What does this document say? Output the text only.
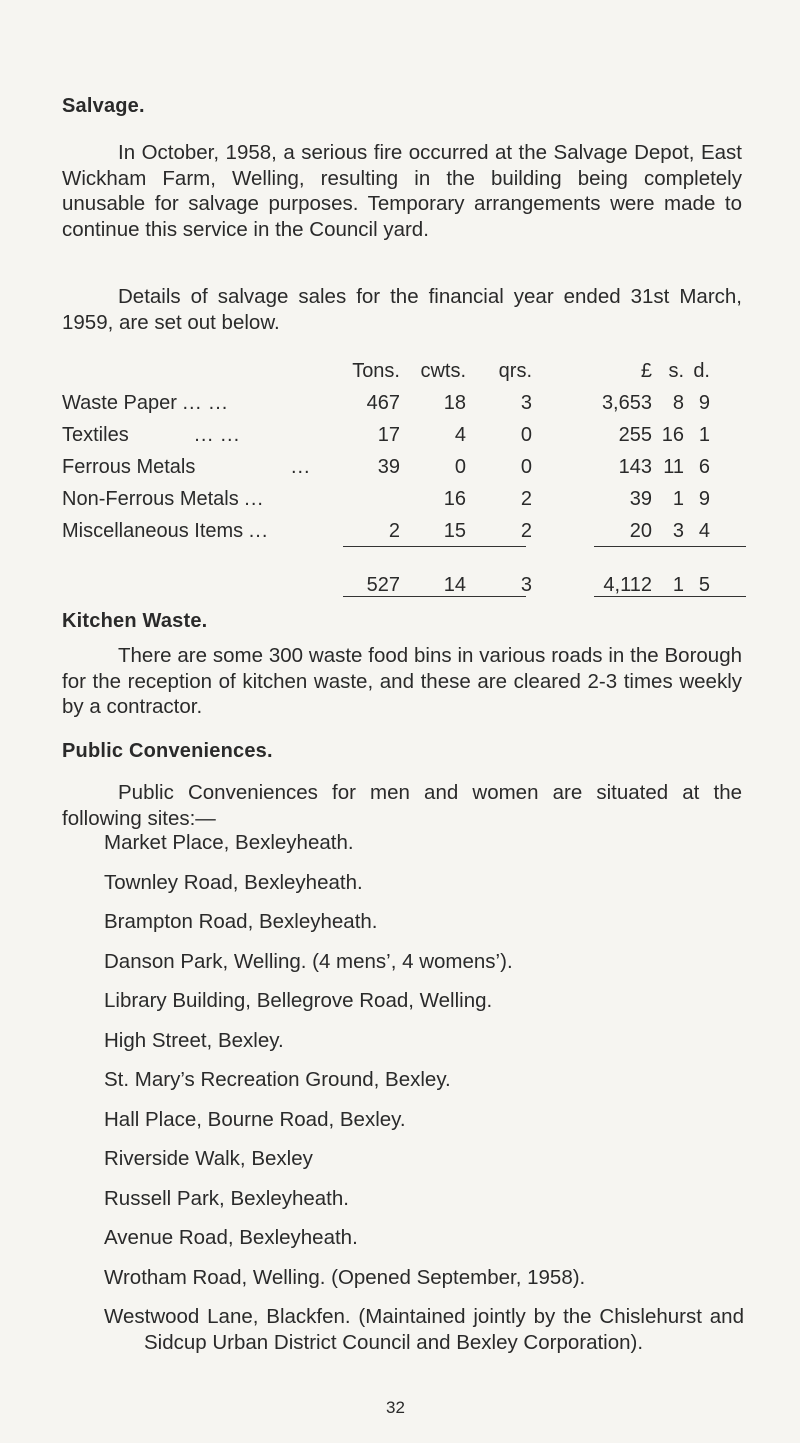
Salvage.

In October, 1958, a serious fire occurred at the Salvage Depot, East Wickham Farm, Welling, resulting in the building being completely unusable for salvage purposes. Temporary arrangements were made to continue this service in the Council yard.

Details of salvage sales for the financial year ended 31st March, 1959, are set out below.

	Tons.	cwts.	qrs.		£	s.	d.
Waste Paper ... ...	467	18	3		3,653	8	9
Textiles ... ...	17	4	0		255	16	1
Ferrous Metals ...	39	0	0		143	11	6
Non-Ferrous Metals ...		16	2		39	1	9
Miscellaneous Items ...	2	15	2		20	3	4

	527	14	3		4,112	1	5
Kitchen Waste.

There are some 300 waste food bins in various roads in the Borough for the reception of kitchen waste, and these are cleared 2-3 times weekly by a contractor.

Public Conveniences.

Public Conveniences for men and women are situated at the following sites:—

Market Place, Bexleyheath.
Townley Road, Bexleyheath.
Brampton Road, Bexleyheath.
Danson Park, Welling. (4 mens’, 4 womens’).
Library Building, Bellegrove Road, Welling.
High Street, Bexley.
St. Mary’s Recreation Ground, Bexley.
Hall Place, Bourne Road, Bexley.
Riverside Walk, Bexley
Russell Park, Bexleyheath.
Avenue Road, Bexleyheath.
Wrotham Road, Welling. (Opened September, 1958).
Westwood Lane, Blackfen. (Maintained jointly by the Chislehurst and Sidcup Urban District Council and Bexley Corporation).
32
